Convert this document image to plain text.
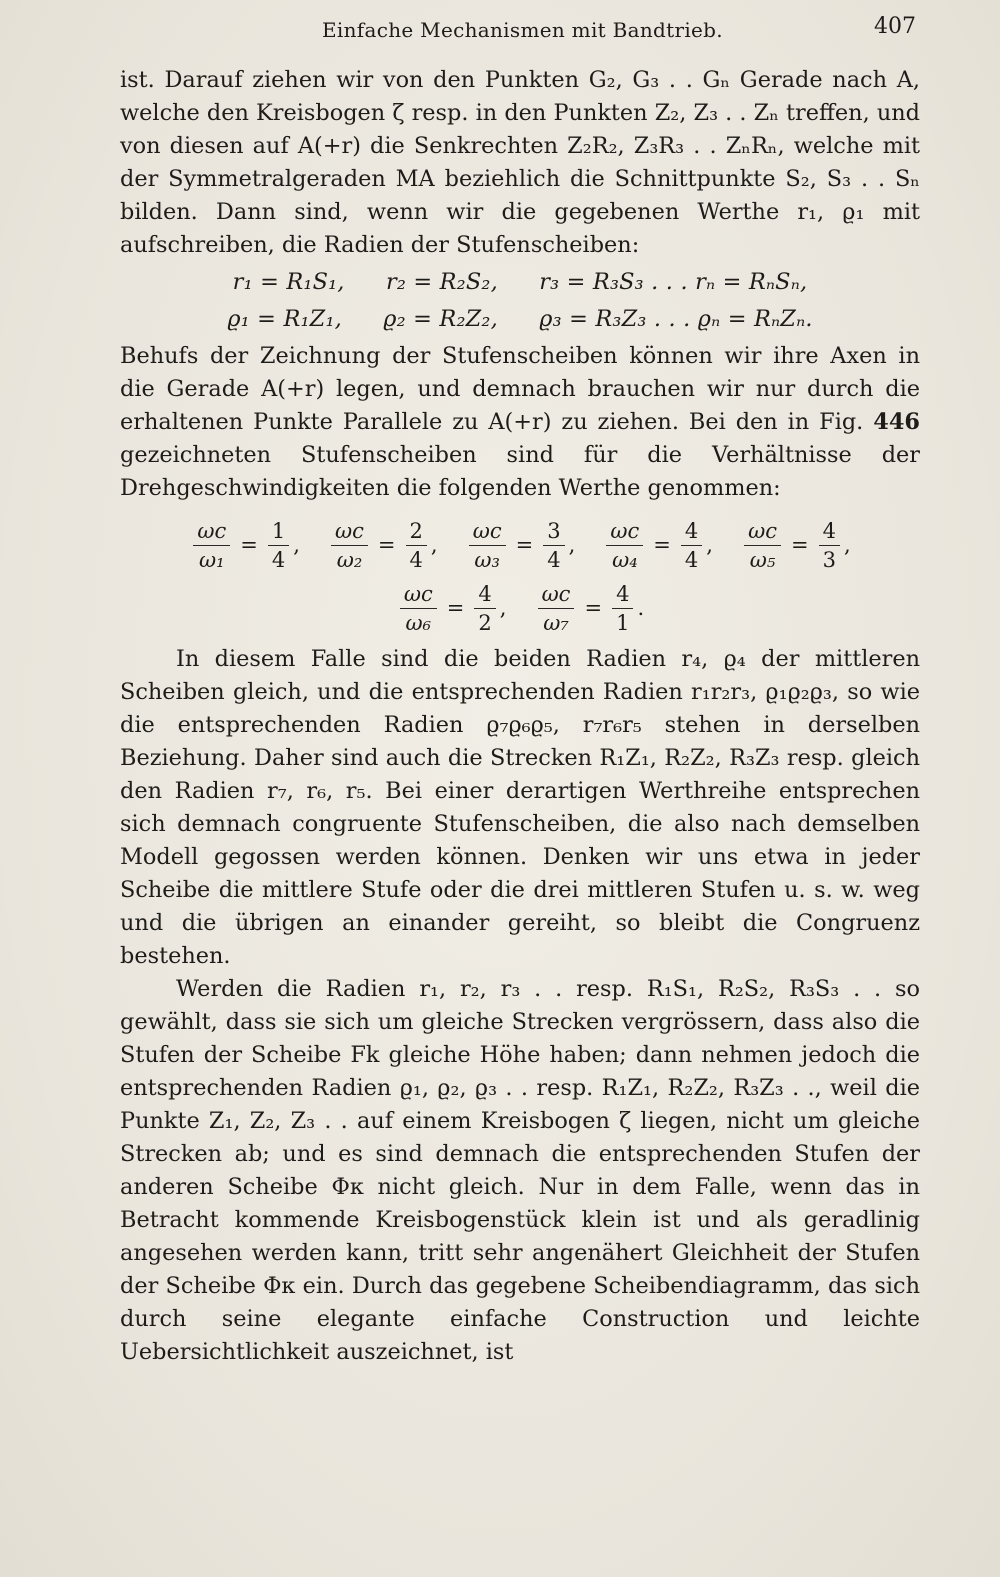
Einfache Mechanismen mit Bandtrieb.	407

ist. Darauf ziehen wir von den Punkten G₂, G₃ . . Gₙ Gerade nach A, welche den Kreisbogen ζ resp. in den Punkten Z₂, Z₃ . . Zₙ treffen, und von diesen auf A(+r) die Senkrechten Z₂R₂, Z₃R₃ . . ZₙRₙ, welche mit der Symmetralgeraden MA beziehlich die Schnittpunkte S₂, S₃ . . Sₙ bilden. Dann sind, wenn wir die gegebenen Werthe r₁, ϱ₁ mit aufschreiben, die Radien der Stufenscheiben:

r₁ = R₁S₁, r₂ = R₂S₂, r₃ = R₃S₃ . . . rₙ = RₙSₙ,
ϱ₁ = R₁Z₁, ϱ₂ = R₂Z₂, ϱ₃ = R₃Z₃ . . . ϱₙ = RₙZₙ.

Behufs der Zeichnung der Stufenscheiben können wir ihre Axen in die Gerade A(+r) legen, und demnach brauchen wir nur durch die erhaltenen Punkte Parallele zu A(+r) zu ziehen. Bei den in Fig. 446 gezeichneten Stufenscheiben sind für die Verhältnisse der Drehgeschwindigkeiten die folgenden Werthe genommen:

$\frac{\omega c}{\text{ω₁}} = \frac{1}{4}$ ,
$\frac{\omega c}{\text{ω₂}} = \frac{2}{4}$ ,
$\frac{\omega c}{\text{ω₃}} = \frac{3}{4}$ ,
$\frac{\omega c}{\text{ω₄}} = \frac{4}{4}$ ,
$\frac{\omega c}{\text{ω₅}} = \frac{4}{3}$ ,
$\frac{\omega c}{\text{ω₆}} = \frac{4}{2}$ ,
$\frac{\omega c}{\text{ω₇}} = \frac{4}{1}$ .

In diesem Falle sind die beiden Radien r₄, ϱ₄ der mittleren Scheiben gleich, und die entsprechenden Radien r₁r₂r₃, ϱ₁ϱ₂ϱ₃, so wie die entsprechenden Radien ϱ₇ϱ₆ϱ₅, r₇r₆r₅ stehen in derselben Beziehung. Daher sind auch die Strecken R₁Z₁, R₂Z₂, R₃Z₃ resp. gleich den Radien r₇, r₆, r₅. Bei einer derartigen Werthreihe entsprechen sich demnach congruente Stufenscheiben, die also nach demselben Modell gegossen werden können. Denken wir uns etwa in jeder Scheibe die mittlere Stufe oder die drei mittleren Stufen u. s. w. weg und die übrigen an einander gereiht, so bleibt die Congruenz bestehen.

Werden die Radien r₁, r₂, r₃ . . resp. R₁S₁, R₂S₂, R₃S₃ . . so gewählt, dass sie sich um gleiche Strecken vergrössern, dass also die Stufen der Scheibe Fk gleiche Höhe haben; dann nehmen jedoch die entsprechenden Radien ϱ₁, ϱ₂, ϱ₃ . . resp. R₁Z₁, R₂Z₂, R₃Z₃ . ., weil die Punkte Z₁, Z₂, Z₃ . . auf einem Kreisbogen ζ liegen, nicht um gleiche Strecken ab; und es sind demnach die entsprechenden Stufen der anderen Scheibe Φκ nicht gleich. Nur in dem Falle, wenn das in Betracht kommende Kreisbogenstück klein ist und als geradlinig angesehen werden kann, tritt sehr angenähert Gleichheit der Stufen der Scheibe Φκ ein. Durch das gegebene Scheibendiagramm, das sich durch seine elegante einfache Construction und leichte Uebersichtlichkeit auszeichnet, ist
